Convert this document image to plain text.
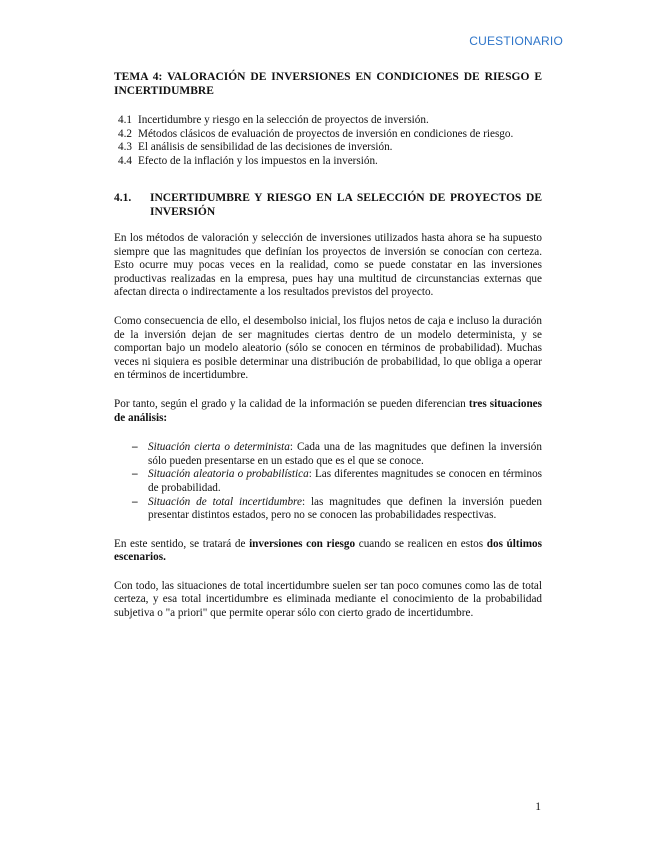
CUESTIONARIO
TEMA 4: VALORACIÓN DE INVERSIONES EN CONDICIONES DE RIESGO E INCERTIDUMBRE
4.1 Incertidumbre y riesgo en la selección de proyectos de inversión.
4.2 Métodos clásicos de evaluación de proyectos de inversión en condiciones de riesgo.
4.3 El análisis de sensibilidad de las decisiones de inversión.
4.4 Efecto de la inflación y los impuestos en la inversión.
4.1.	INCERTIDUMBRE Y RIESGO EN LA SELECCIÓN DE PROYECTOS DE INVERSIÓN

En los métodos de valoración y selección de inversiones utilizados hasta ahora se ha supuesto siempre que las magnitudes que definían los proyectos de inversión se conocían con certeza. Esto ocurre muy pocas veces en la realidad, como se puede constatar en las inversiones productivas realizadas en la empresa, pues hay una multitud de circunstancias externas que afectan directa o indirectamente a los resultados previstos del proyecto.

Como consecuencia de ello, el desembolso inicial, los flujos netos de caja e incluso la duración de la inversión dejan de ser magnitudes ciertas dentro de un modelo determinista, y se comportan bajo un modelo aleatorio (sólo se conocen en términos de probabilidad). Muchas veces ni siquiera es posible determinar una distribución de probabilidad, lo que obliga a operar en términos de incertidumbre.

Por tanto, según el grado y la calidad de la información se pueden diferencian tres situaciones de análisis:

– Situación cierta o determinista: Cada una de las magnitudes que definen la inversión sólo pueden presentarse en un estado que es el que se conoce.
– Situación aleatoria o probabilística: Las diferentes magnitudes se conocen en términos de probabilidad.
– Situación de total incertidumbre: las magnitudes que definen la inversión pueden presentar distintos estados, pero no se conocen las probabilidades respectivas.

En este sentido, se tratará de inversiones con riesgo cuando se realicen en estos dos últimos escenarios.

Con todo, las situaciones de total incertidumbre suelen ser tan poco comunes como las de total certeza, y esa total incertidumbre es eliminada mediante el conocimiento de la probabilidad subjetiva o "a priori" que permite operar sólo con cierto grado de incertidumbre.

1
